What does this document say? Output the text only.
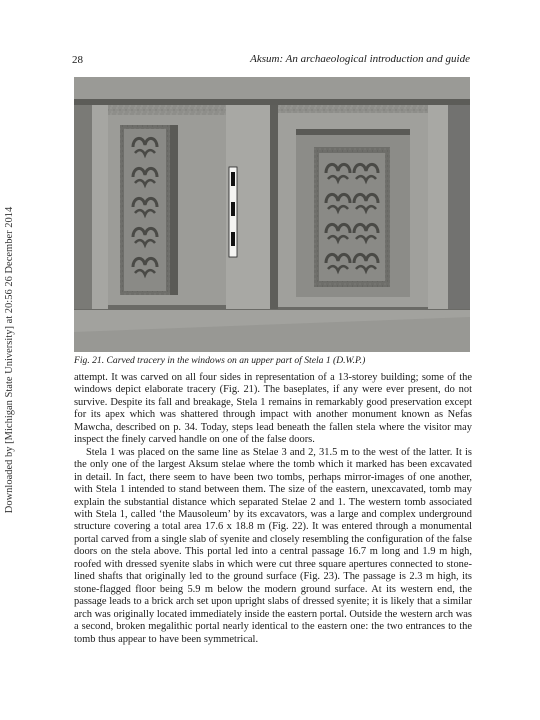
Downloaded by [Michigan State University] at 20:56 26 December 2014
28	Aksum: An archaeological introduction and guide
Fig. 21. Carved tracery in the windows on an upper part of Stela 1 (D.W.P.)

attempt. It was carved on all four sides in representation of a 13-storey building; some of the windows depict elaborate tracery (Fig. 21). The baseplates, if any were ever present, do not survive. Despite its fall and breakage, Stela 1 remains in remarkably good preservation except for its apex which was shattered through impact with another monument known as Nefas Mawcha, described on p. 34. Today, steps lead beneath the fallen stela where the visitor may inspect the finely carved handle on one of the false doors.

Stela 1 was placed on the same line as Stelae 3 and 2, 31.5 m to the west of the latter. It is the only one of the largest Aksum stelae where the tomb which it marked has been excavated in detail. In fact, there seem to have been two tombs, perhaps mirror-images of one another, with Stela 1 intended to stand between them. The size of the eastern, unexcavated, tomb may explain the substantial distance which separated Stelae 2 and 1. The western tomb associated with Stela 1, called ‘the Mausoleum’ by its excavators, was a large and complex underground structure covering a total area 17.6 x 18.8 m (Fig. 22). It was entered through a monumental portal carved from a single slab of syenite and closely resembling the configuration of the false doors on the stela above. This portal led into a central passage 16.7 m long and 1.9 m high, roofed with dressed syenite slabs in which were cut three square apertures connected to stone-lined shafts that originally led to the ground surface (Fig. 23). The passage is 2.3 m high, its stone-flagged floor being 5.9 m below the modern ground surface. At its western end, the passage leads to a brick arch set upon upright slabs of dressed syenite; it is likely that a similar arch was originally located immediately inside the eastern portal. Outside the western arch was a second, broken megalithic portal nearly identical to the eastern one: the two entrances to the tomb thus appear to have been symmetrical.
